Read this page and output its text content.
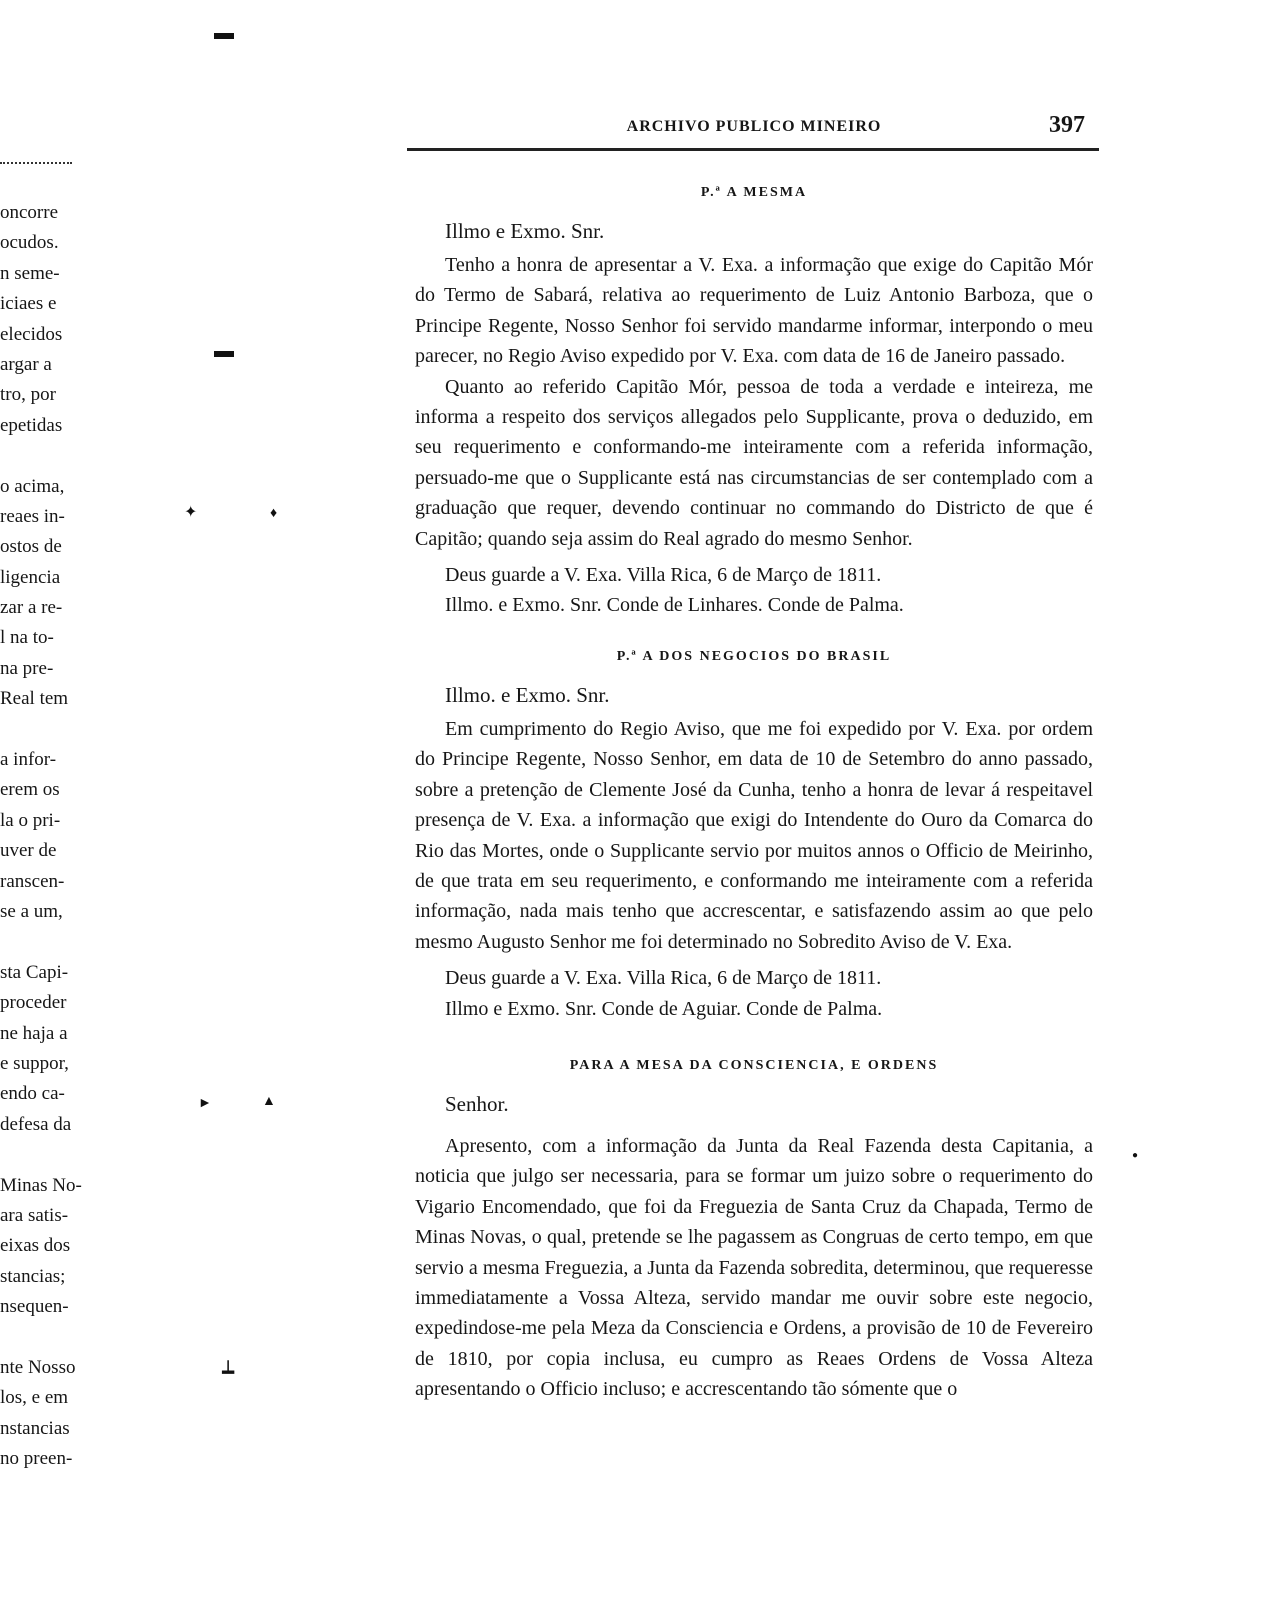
▬
▬
✦	♦
►	▲
┷
●
oncorre
ocudos.
n seme-
iciaes e
elecidos
argar a
tro, por
epetidas
o acima,
reaes in-
ostos de
ligencia
zar a re-
l na to-
na pre-
Real tem
a infor-
erem os
la o pri-
uver de
ranscen-
se a um,
sta Capi-
proceder
ne haja a
e suppor,
endo ca-
defesa da
Minas No-
ara satis-
eixas dos
stancias;
nsequen-
nte Nosso
los, e em
nstancias
no preen-
ARCHIVO PUBLICO MINEIRO	397
P.ª A MESMA
Illmo e Exmo. Snr.

Tenho a honra de apresentar a V. Exa. a informação que exige do Capitão Mór do Termo de Sabará, relativa ao requerimento de Luiz Antonio Barboza, que o Principe Regente, Nosso Senhor foi servido mandarme informar, interpondo o meu parecer, no Regio Aviso expedido por V. Exa. com data de 16 de Janeiro passado.

Quanto ao referido Capitão Mór, pessoa de toda a verdade e inteireza, me informa a respeito dos serviços allegados pelo Supplicante, prova o deduzido, em seu requerimento e conformando-me inteiramente com a referida informação, persuado-me que o Supplicante está nas circumstancias de ser contemplado com a graduação que requer, devendo continuar no commando do Districto de que é Capitão; quando seja assim do Real agrado do mesmo Senhor.

Deus guarde a V. Exa. Villa Rica, 6 de Março de 1811.
Illmo. e Exmo. Snr. Conde de Linhares. Conde de Palma.
P.ª A DOS NEGOCIOS DO BRASIL
Illmo. e Exmo. Snr.

Em cumprimento do Regio Aviso, que me foi expedido por V. Exa. por ordem do Principe Regente, Nosso Senhor, em data de 10 de Setembro do anno passado, sobre a pretenção de Clemente José da Cunha, tenho a honra de levar á respeitavel presença de V. Exa. a informação que exigi do Intendente do Ouro da Comarca do Rio das Mortes, onde o Supplicante servio por muitos annos o Officio de Meirinho, de que trata em seu requerimento, e conformando me inteiramente com a referida informação, nada mais tenho que accrescentar, e satisfazendo assim ao que pelo mesmo Augusto Senhor me foi determinado no Sobredito Aviso de V. Exa.

Deus guarde a V. Exa. Villa Rica, 6 de Março de 1811.
Illmo e Exmo. Snr. Conde de Aguiar. Conde de Palma.
PARA A MESA DA CONSCIENCIA, E ORDENS
Senhor.

Apresento, com a informação da Junta da Real Fazenda desta Capitania, a noticia que julgo ser necessaria, para se formar um juizo sobre o requerimento do Vigario Encomendado, que foi da Freguezia de Santa Cruz da Chapada, Termo de Minas Novas, o qual, pretende se lhe pagassem as Congruas de certo tempo, em que servio a mesma Freguezia, a Junta da Fazenda sobredita, determinou, que requeresse immediatamente a Vossa Alteza, servido mandar me ouvir sobre este negocio, expedindose-me pela Meza da Consciencia e Ordens, a provisão de 10 de Fevereiro de 1810, por copia inclusa, eu cumpro as Reaes Ordens de Vossa Alteza apresentando o Officio incluso; e accrescentando tão sómente que o
